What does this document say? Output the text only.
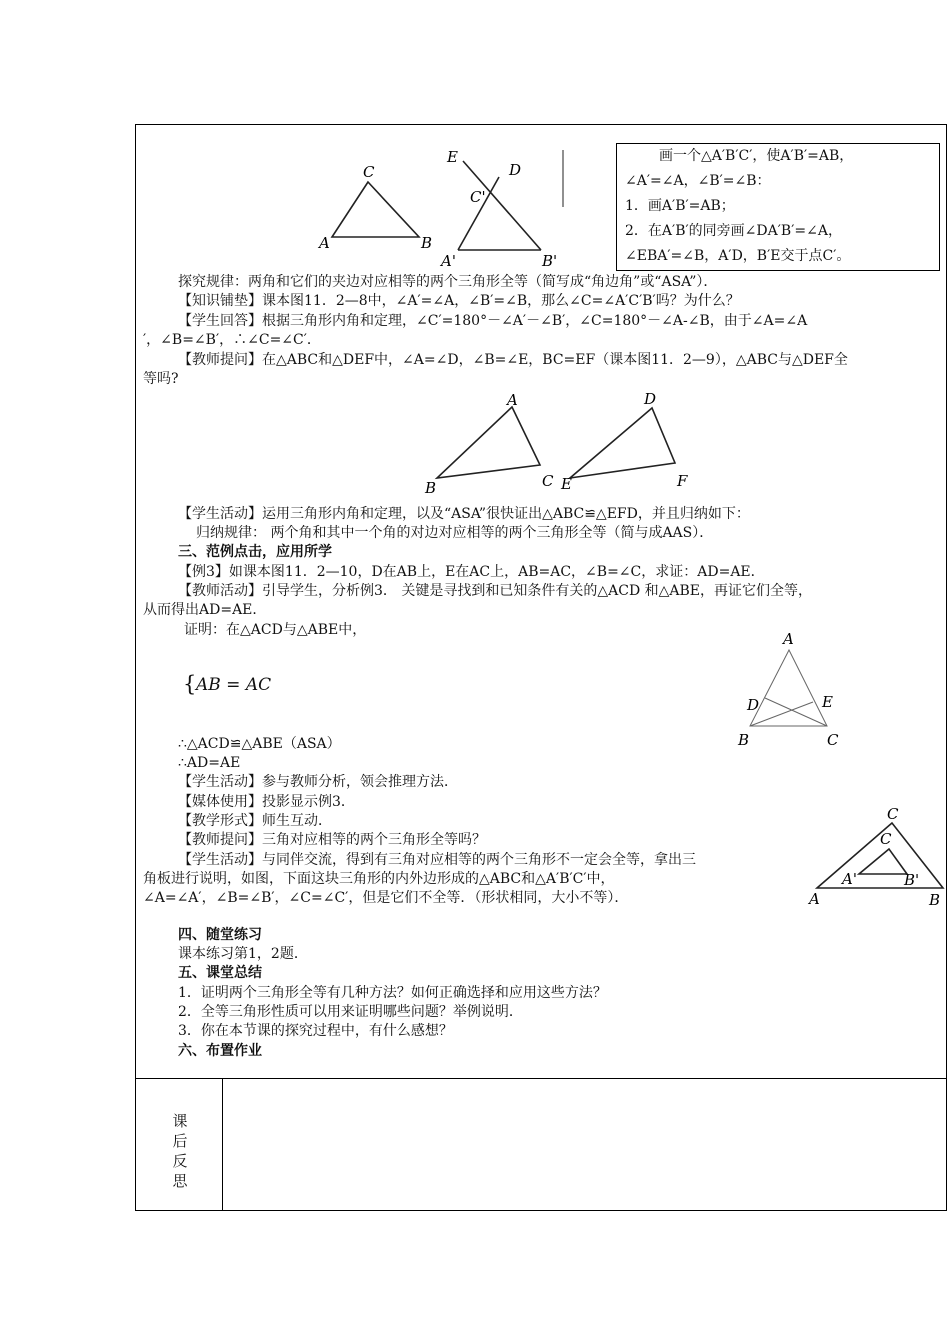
C
A	B
E
D
C'
A'	B'
画一个△A′B′C′，使A′B′=AB，
∠A′=∠A，∠B′=∠B：
1．画A′B′=AB；
2．在A′B′的同旁画∠DA′B′=∠A，
∠EBA′=∠B，A′D，B′E交于点C′。
探究规律：两角和它们的夹边对应相等的两个三角形全等（简写成“角边角”或“ASA”）．
【知识铺垫】课本图11．2—8中，∠A′=∠A，∠B′=∠B，那么∠C=∠A′C′B′吗？为什么？
【学生回答】根据三角形内角和定理，∠C′=180°－∠A′－∠B′，∠C=180°－∠A-∠B，由于∠A=∠A
′，∠B=∠B′，∴∠C=∠C′．
【教师提问】在△ABC和△DEF中，∠A=∠D，∠B=∠E，BC=EF（课本图11．2—9），△ABC与△DEF全
等吗?
A
B	C
D
E	F
【学生活动】运用三角形内角和定理，以及“ASA”很快证出△ABC≌△EFD，并且归纳如下：
归纳规律： 两个角和其中一个角的对边对应相等的两个三角形全等（简与成AAS）．
三、范例点击，应用所学
【例3】如课本图11．2—10，D在AB上，E在AC上，AB=AC，∠B=∠C，求证：AD=AE．
【教师活动】引导学生，分析例3． 关键是寻找到和已知条件有关的△ACD 和△ABE，再证它们全等，
从而得出AD=AE．
证明：在△ACD与△ABE中，
{ AB = AC
A
D	E
B	C
∴△ACD≌△ABE（ASA）
∴AD=AE
【学生活动】参与教师分析，领会推理方法．
【媒体使用】投影显示例3．
【教学形式】师生互动．
【教师提问】三角对应相等的两个三角形全等吗？
【学生活动】与同伴交流，得到有三角对应相等的两个三角形不一定会全等，拿出三
角板进行说明，如图，下面这块三角形的内外边形成的△ABC和△A′B′C′中，
∠A=∠A′，∠B=∠B′，∠C=∠C′，但是它们不全等．（形状相同，大小不等）．
C
C
A'	B'
A	B
四、随堂练习
课本练习第1，2题．
五、课堂总结
1．证明两个三角形全等有几种方法？如何正确选择和应用这些方法？
2．全等三角形性质可以用来证明哪些问题？举例说明．
3．你在本节课的探究过程中，有什么感想？
六、布置作业
课
后
反
思
